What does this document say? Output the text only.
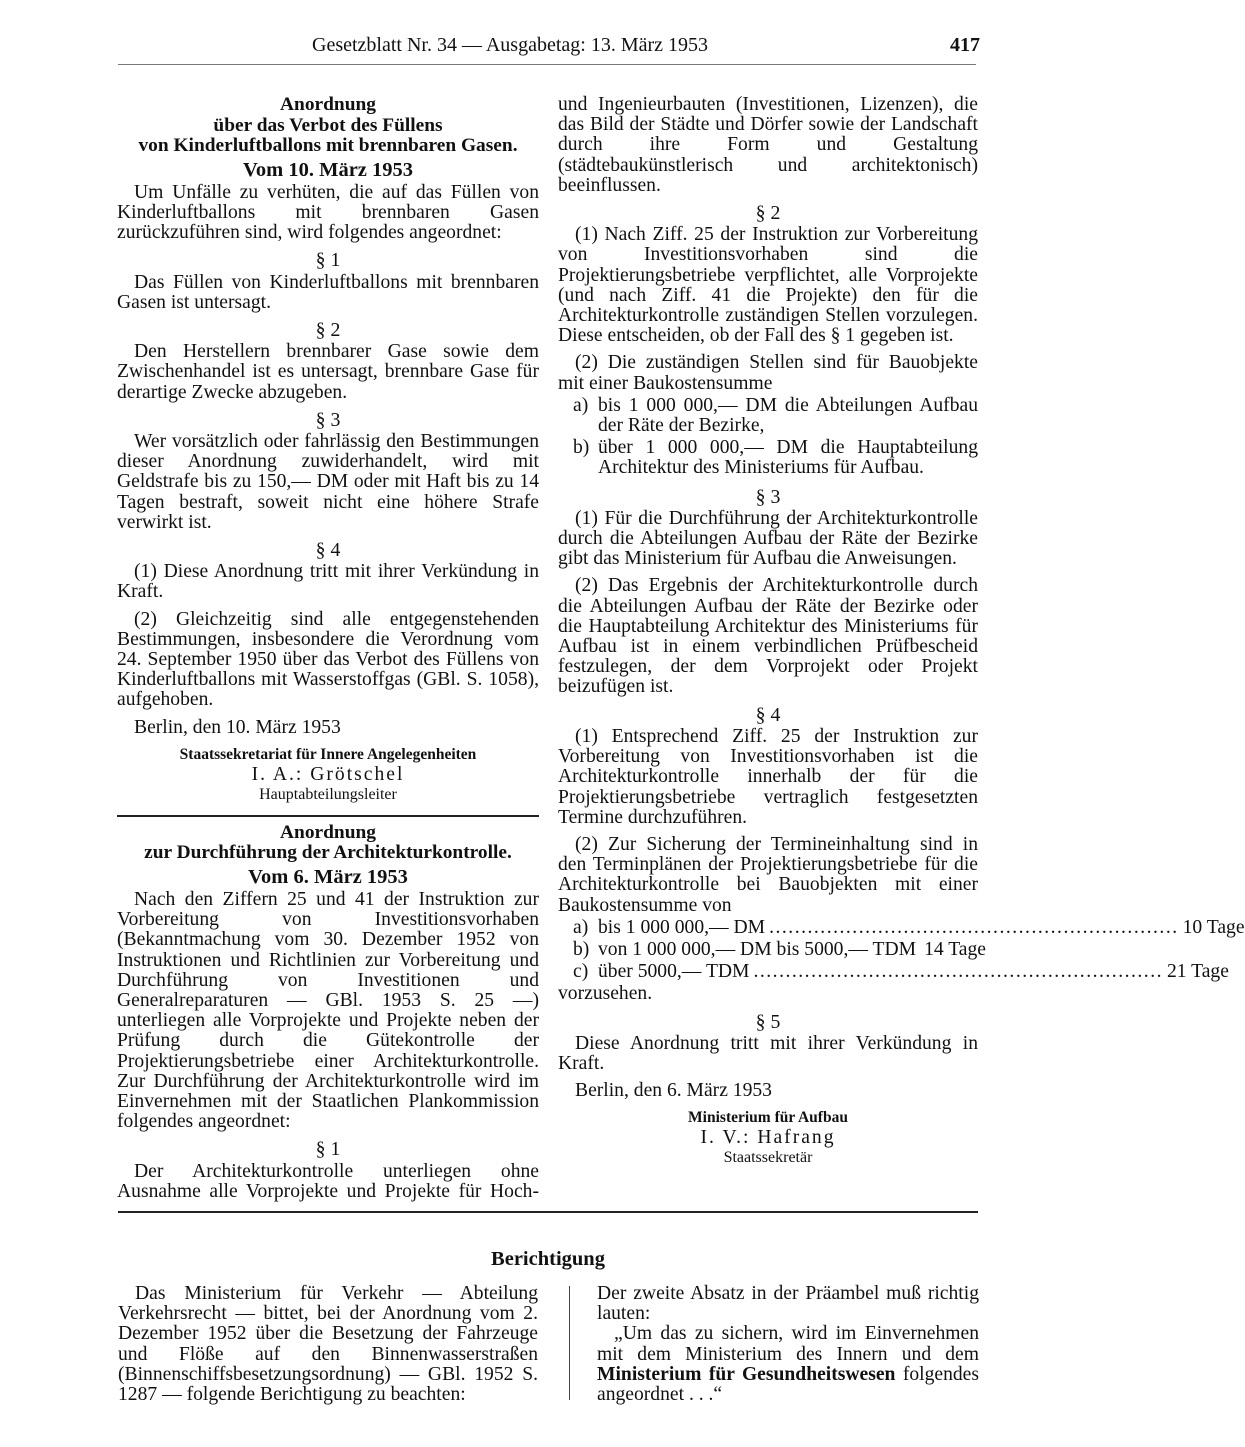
Gesetzblatt Nr. 34 — Ausgabetag: 13. März 1953	417
Anordnung
über das Verbot des Füllens
von Kinderluftballons mit brennbaren Gasen.
Vom 10. März 1953

Um Unfälle zu verhüten, die auf das Füllen von Kinderluftballons mit brennbaren Gasen zurückzuführen sind, wird folgendes angeordnet:

§ 1

Das Füllen von Kinderluftballons mit brennbaren Gasen ist untersagt.

§ 2

Den Herstellern brennbarer Gase sowie dem Zwischenhandel ist es untersagt, brennbare Gase für derartige Zwecke abzugeben.

§ 3

Wer vorsätzlich oder fahrlässig den Bestimmungen dieser Anordnung zuwiderhandelt, wird mit Geldstrafe bis zu 150,— DM oder mit Haft bis zu 14 Tagen bestraft, soweit nicht eine höhere Strafe verwirkt ist.

§ 4

(1) Diese Anordnung tritt mit ihrer Verkündung in Kraft.

(2) Gleichzeitig sind alle entgegenstehenden Bestimmungen, insbesondere die Verordnung vom 24. September 1950 über das Verbot des Füllens von Kinderluftballons mit Wasserstoffgas (GBl. S. 1058), aufgehoben.

Berlin, den 10. März 1953
Staatssekretariat für Innere Angelegenheiten
I. A.: Grötschel
Hauptabteilungsleiter
Anordnung
zur Durchführung der Architekturkontrolle.
Vom 6. März 1953

Nach den Ziffern 25 und 41 der Instruktion zur Vorbereitung von Investitionsvorhaben (Bekanntmachung vom 30. Dezember 1952 von Instruktionen und Richtlinien zur Vorbereitung und Durchführung von Investitionen und Generalreparaturen — GBl. 1953 S. 25 —) unterliegen alle Vorprojekte und Projekte neben der Prüfung durch die Gütekontrolle der Projektierungsbetriebe einer Architekturkontrolle. Zur Durchführung der Architekturkontrolle wird im Einvernehmen mit der Staatlichen Plankommission folgendes angeordnet:

§ 1

Der Architekturkontrolle unterliegen ohne Ausnahme alle Vorprojekte und Projekte für Hoch-

und Ingenieurbauten (Investitionen, Lizenzen), die das Bild der Städte und Dörfer sowie der Landschaft durch ihre Form und Gestaltung (städtebaukünstlerisch und architektonisch) beeinflussen.

§ 2

(1) Nach Ziff. 25 der Instruktion zur Vorbereitung von Investitionsvorhaben sind die Projektierungsbetriebe verpflichtet, alle Vorprojekte (und nach Ziff. 41 die Projekte) den für die Architekturkontrolle zuständigen Stellen vorzulegen. Diese entscheiden, ob der Fall des § 1 gegeben ist.

(2) Die zuständigen Stellen sind für Bauobjekte mit einer Baukostensumme

a) bis 1 000 000,— DM die Abteilungen Aufbau der Räte der Bezirke,
b) über 1 000 000,— DM die Hauptabteilung Architektur des Ministeriums für Aufbau.
§ 3

(1) Für die Durchführung der Architekturkontrolle durch die Abteilungen Aufbau der Räte der Bezirke gibt das Ministerium für Aufbau die Anweisungen.

(2) Das Ergebnis der Architekturkontrolle durch die Abteilungen Aufbau der Räte der Bezirke oder die Hauptabteilung Architektur des Ministeriums für Aufbau ist in einem verbindlichen Prüfbescheid festzulegen, der dem Vorprojekt oder Projekt beizufügen ist.

§ 4

(1) Entsprechend Ziff. 25 der Instruktion zur Vorbereitung von Investitionsvorhaben ist die Architekturkontrolle innerhalb der für die Projektierungsbetriebe vertraglich festgesetzten Termine durchzuführen.

(2) Zur Sicherung der Termineinhaltung sind in den Terminplänen der Projektierungsbetriebe für die Architekturkontrolle bei Bauobjekten mit einer Baukostensumme von

a) bis 1 000 000,— DM ................................................................ 10 Tage
b) von 1 000 000,— DM bis 5000,— TDM 14 Tage
c) über 5000,— TDM ................................................................ 21 Tage

vorzusehen.

§ 5

Diese Anordnung tritt mit ihrer Verkündung in Kraft.

Berlin, den 6. März 1953
Ministerium für Aufbau
I. V.: Hafrang
Staatssekretär
Berichtigung

Das Ministerium für Verkehr — Abteilung Verkehrsrecht — bittet, bei der Anordnung vom 2. Dezember 1952 über die Besetzung der Fahrzeuge und Flöße auf den Binnenwasserstraßen (Binnenschiffsbesetzungsordnung) — GBl. 1952 S. 1287 — folgende Berichtigung zu beachten:

Der zweite Absatz in der Präambel muß richtig lauten:

„Um das zu sichern, wird im Einvernehmen mit dem Ministerium des Innern und dem Ministerium für Gesundheitswesen folgendes angeordnet . . .“
